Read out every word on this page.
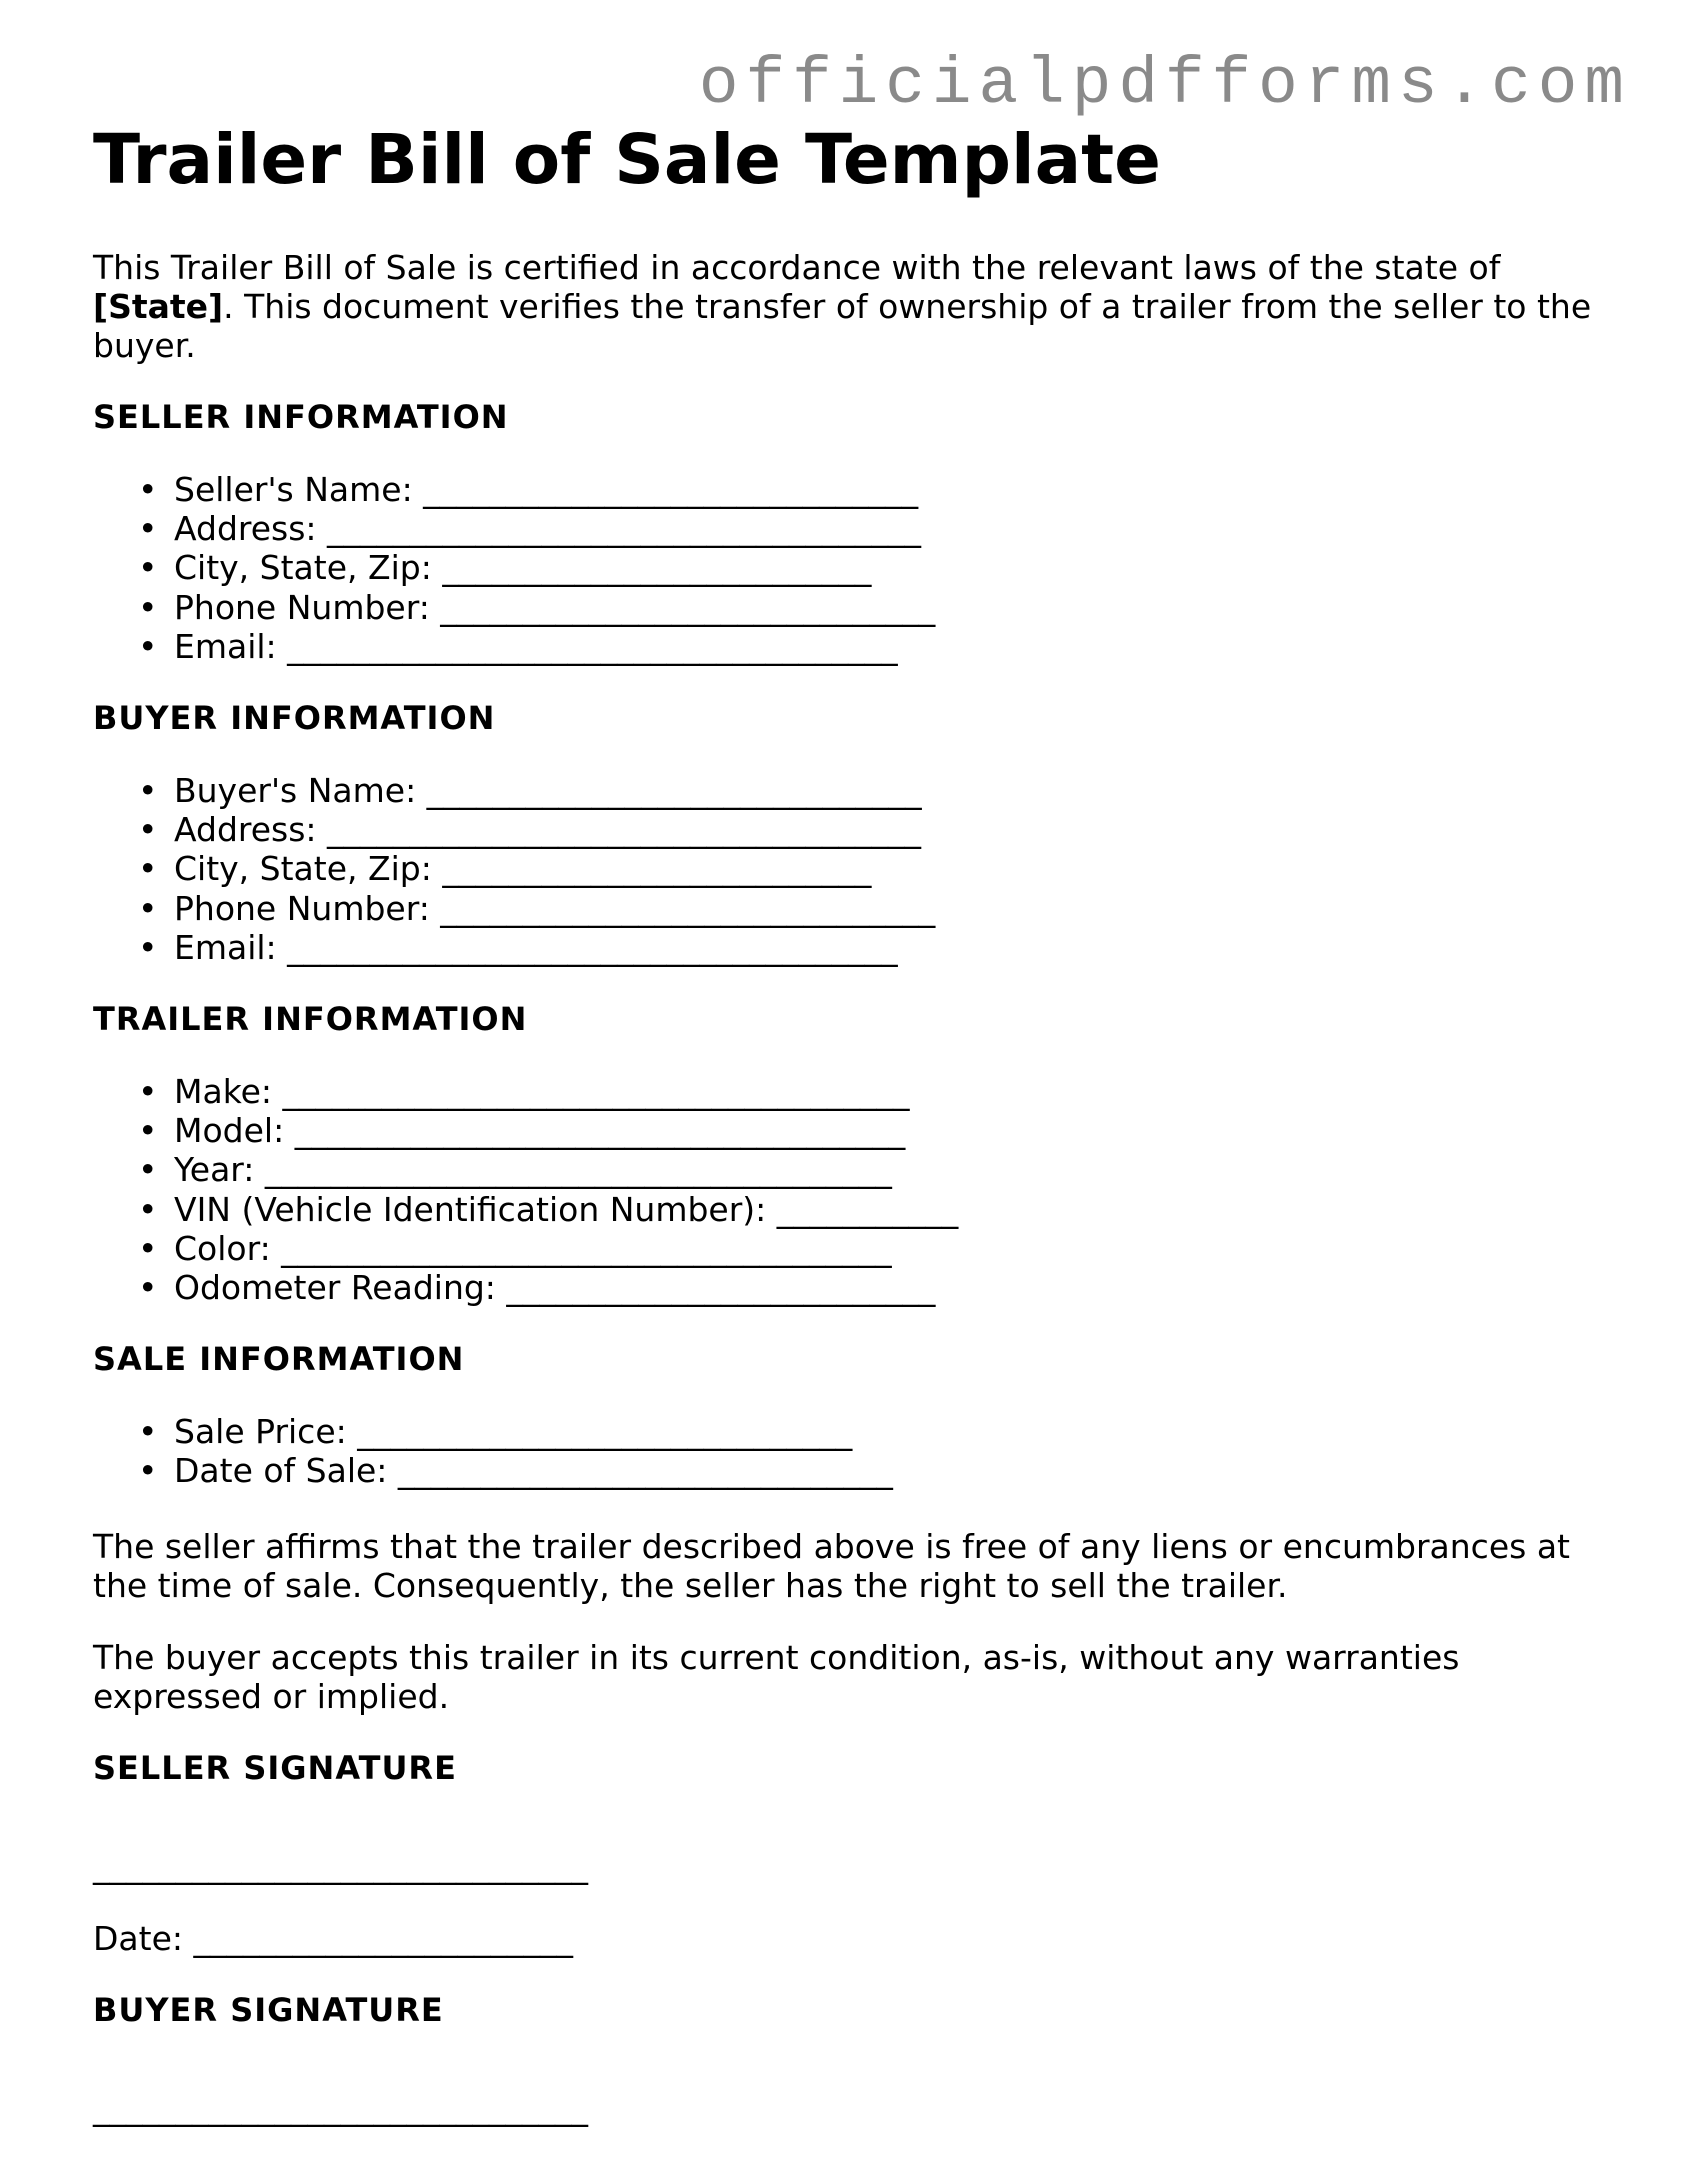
officialpdfforms.com
Trailer Bill of Sale Template

This Trailer Bill of Sale is certified in accordance with the relevant laws of the state of [State]. This document verifies the transfer of ownership of a trailer from the seller to the buyer.

SELLER INFORMATION
• Seller's Name: ______________________________
• Address: ____________________________________
• City, State, Zip: __________________________
• Phone Number: ______________________________
• Email: _____________________________________
BUYER INFORMATION
• Buyer's Name: ______________________________
• Address: ____________________________________
• City, State, Zip: __________________________
• Phone Number: ______________________________
• Email: _____________________________________
TRAILER INFORMATION
• Make: ______________________________________
• Model: _____________________________________
• Year: ______________________________________
• VIN (Vehicle Identification Number): ___________
• Color: _____________________________________
• Odometer Reading: __________________________
SALE INFORMATION
• Sale Price: ______________________________
• Date of Sale: ______________________________

The seller affirms that the trailer described above is free of any liens or encumbrances at the time of sale. Consequently, the seller has the right to sell the trailer.

The buyer accepts this trailer in its current condition, as-is, without any warranties expressed or implied.

SELLER SIGNATURE

______________________________

Date: _______________________

BUYER SIGNATURE

______________________________
